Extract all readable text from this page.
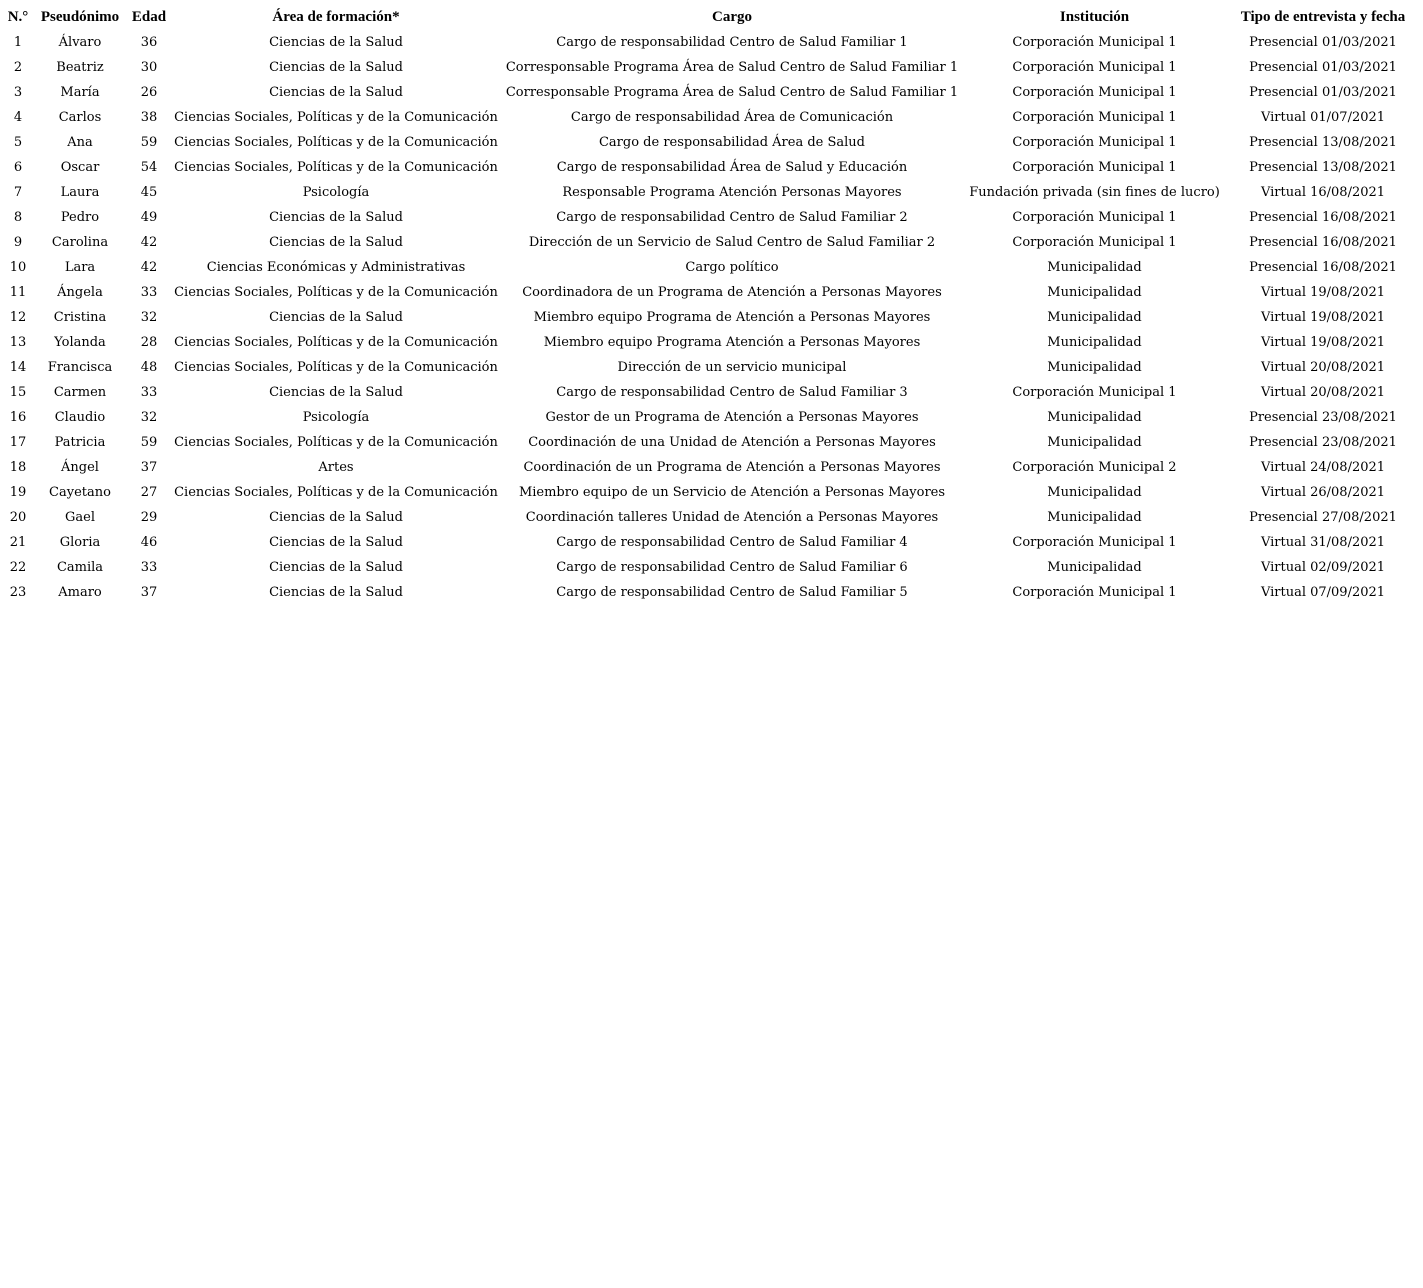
N.°	Pseudónimo	Edad	Área de formación*	Cargo	Institución	Tipo de entrevista y fecha
1	Álvaro	36	Ciencias de la Salud	Cargo de responsabilidad Centro de Salud Familiar 1	Corporación Municipal 1	Presencial 01/03/2021
2	Beatriz	30	Ciencias de la Salud	Corresponsable Programa Área de Salud Centro de Salud Familiar 1	Corporación Municipal 1	Presencial 01/03/2021
3	María	26	Ciencias de la Salud	Corresponsable Programa Área de Salud Centro de Salud Familiar 1	Corporación Municipal 1	Presencial 01/03/2021
4	Carlos	38	Ciencias Sociales, Políticas y de la Comunicación	Cargo de responsabilidad Área de Comunicación	Corporación Municipal 1	Virtual 01/07/2021
5	Ana	59	Ciencias Sociales, Políticas y de la Comunicación	Cargo de responsabilidad Área de Salud	Corporación Municipal 1	Presencial 13/08/2021
6	Oscar	54	Ciencias Sociales, Políticas y de la Comunicación	Cargo de responsabilidad Área de Salud y Educación	Corporación Municipal 1	Presencial 13/08/2021
7	Laura	45	Psicología	Responsable Programa Atención Personas Mayores	Fundación privada (sin fines de lucro)	Virtual 16/08/2021
8	Pedro	49	Ciencias de la Salud	Cargo de responsabilidad Centro de Salud Familiar 2	Corporación Municipal 1	Presencial 16/08/2021
9	Carolina	42	Ciencias de la Salud	Dirección de un Servicio de Salud Centro de Salud Familiar 2	Corporación Municipal 1	Presencial 16/08/2021
10	Lara	42	Ciencias Económicas y Administrativas	Cargo político	Municipalidad	Presencial 16/08/2021
11	Ángela	33	Ciencias Sociales, Políticas y de la Comunicación	Coordinadora de un Programa de Atención a Personas Mayores	Municipalidad	Virtual 19/08/2021
12	Cristina	32	Ciencias de la Salud	Miembro equipo Programa de Atención a Personas Mayores	Municipalidad	Virtual 19/08/2021
13	Yolanda	28	Ciencias Sociales, Políticas y de la Comunicación	Miembro equipo Programa Atención a Personas Mayores	Municipalidad	Virtual 19/08/2021
14	Francisca	48	Ciencias Sociales, Políticas y de la Comunicación	Dirección de un servicio municipal	Municipalidad	Virtual 20/08/2021
15	Carmen	33	Ciencias de la Salud	Cargo de responsabilidad Centro de Salud Familiar 3	Corporación Municipal 1	Virtual 20/08/2021
16	Claudio	32	Psicología	Gestor de un Programa de Atención a Personas Mayores	Municipalidad	Presencial 23/08/2021
17	Patricia	59	Ciencias Sociales, Políticas y de la Comunicación	Coordinación de una Unidad de Atención a Personas Mayores	Municipalidad	Presencial 23/08/2021
18	Ángel	37	Artes	Coordinación de un Programa de Atención a Personas Mayores	Corporación Municipal 2	Virtual 24/08/2021
19	Cayetano	27	Ciencias Sociales, Políticas y de la Comunicación	Miembro equipo de un Servicio de Atención a Personas Mayores	Municipalidad	Virtual 26/08/2021
20	Gael	29	Ciencias de la Salud	Coordinación talleres Unidad de Atención a Personas Mayores	Municipalidad	Presencial 27/08/2021
21	Gloria	46	Ciencias de la Salud	Cargo de responsabilidad Centro de Salud Familiar 4	Corporación Municipal 1	Virtual 31/08/2021
22	Camila	33	Ciencias de la Salud	Cargo de responsabilidad Centro de Salud Familiar 6	Municipalidad	Virtual 02/09/2021
23	Amaro	37	Ciencias de la Salud	Cargo de responsabilidad Centro de Salud Familiar 5	Corporación Municipal 1	Virtual 07/09/2021
